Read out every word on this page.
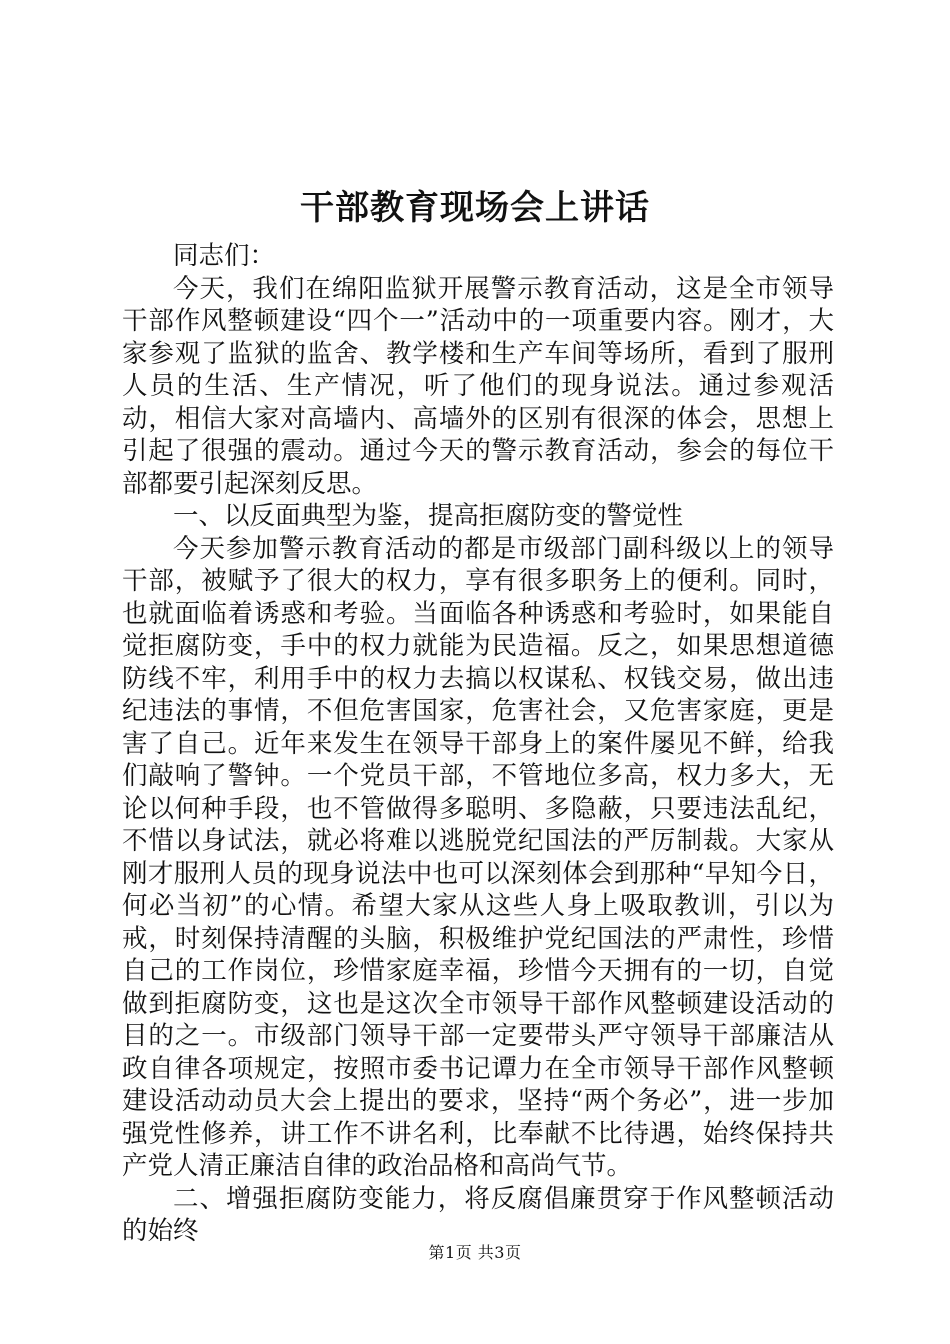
干部教育现场会上讲话

同志们：

今天，我们在绵阳监狱开展警示教育活动，这是全市领导干部作风整顿建设“四个一”活动中的一项重要内容。刚才，大家参观了监狱的监舍、教学楼和生产车间等场所，看到了服刑人员的生活、生产情况，听了他们的现身说法。通过参观活动，相信大家对高墙内、高墙外的区别有很深的体会，思想上引起了很强的震动。通过今天的警示教育活动，参会的每位干部都要引起深刻反思。

一、以反面典型为鉴，提高拒腐防变的警觉性

今天参加警示教育活动的都是市级部门副科级以上的领导干部，被赋予了很大的权力，享有很多职务上的便利。同时，也就面临着诱惑和考验。当面临各种诱惑和考验时，如果能自觉拒腐防变，手中的权力就能为民造福。反之，如果思想道德防线不牢，利用手中的权力去搞以权谋私、权钱交易，做出违纪违法的事情，不但危害国家，危害社会，又危害家庭，更是害了自己。近年来发生在领导干部身上的案件屡见不鲜，给我们敲响了警钟。一个党员干部，不管地位多高，权力多大，无论以何种手段，也不管做得多聪明、多隐蔽，只要违法乱纪，不惜以身试法，就必将难以逃脱党纪国法的严厉制裁。大家从刚才服刑人员的现身说法中也可以深刻体会到那种“早知今日，何必当初”的心情。希望大家从这些人身上吸取教训，引以为戒，时刻保持清醒的头脑，积极维护党纪国法的严肃性，珍惜自己的工作岗位，珍惜家庭幸福，珍惜今天拥有的一切，自觉做到拒腐防变，这也是这次全市领导干部作风整顿建设活动的目的之一。市级部门领导干部一定要带头严守领导干部廉洁从政自律各项规定，按照市委书记谭力在全市领导干部作风整顿建设活动动员大会上提出的要求，坚持“两个务必”，进一步加强党性修养，讲工作不讲名利，比奉献不比待遇，始终保持共产党人清正廉洁自律的政治品格和高尚气节。

二、增强拒腐防变能力，将反腐倡廉贯穿于作风整顿活动的始终

第1页 共3页
